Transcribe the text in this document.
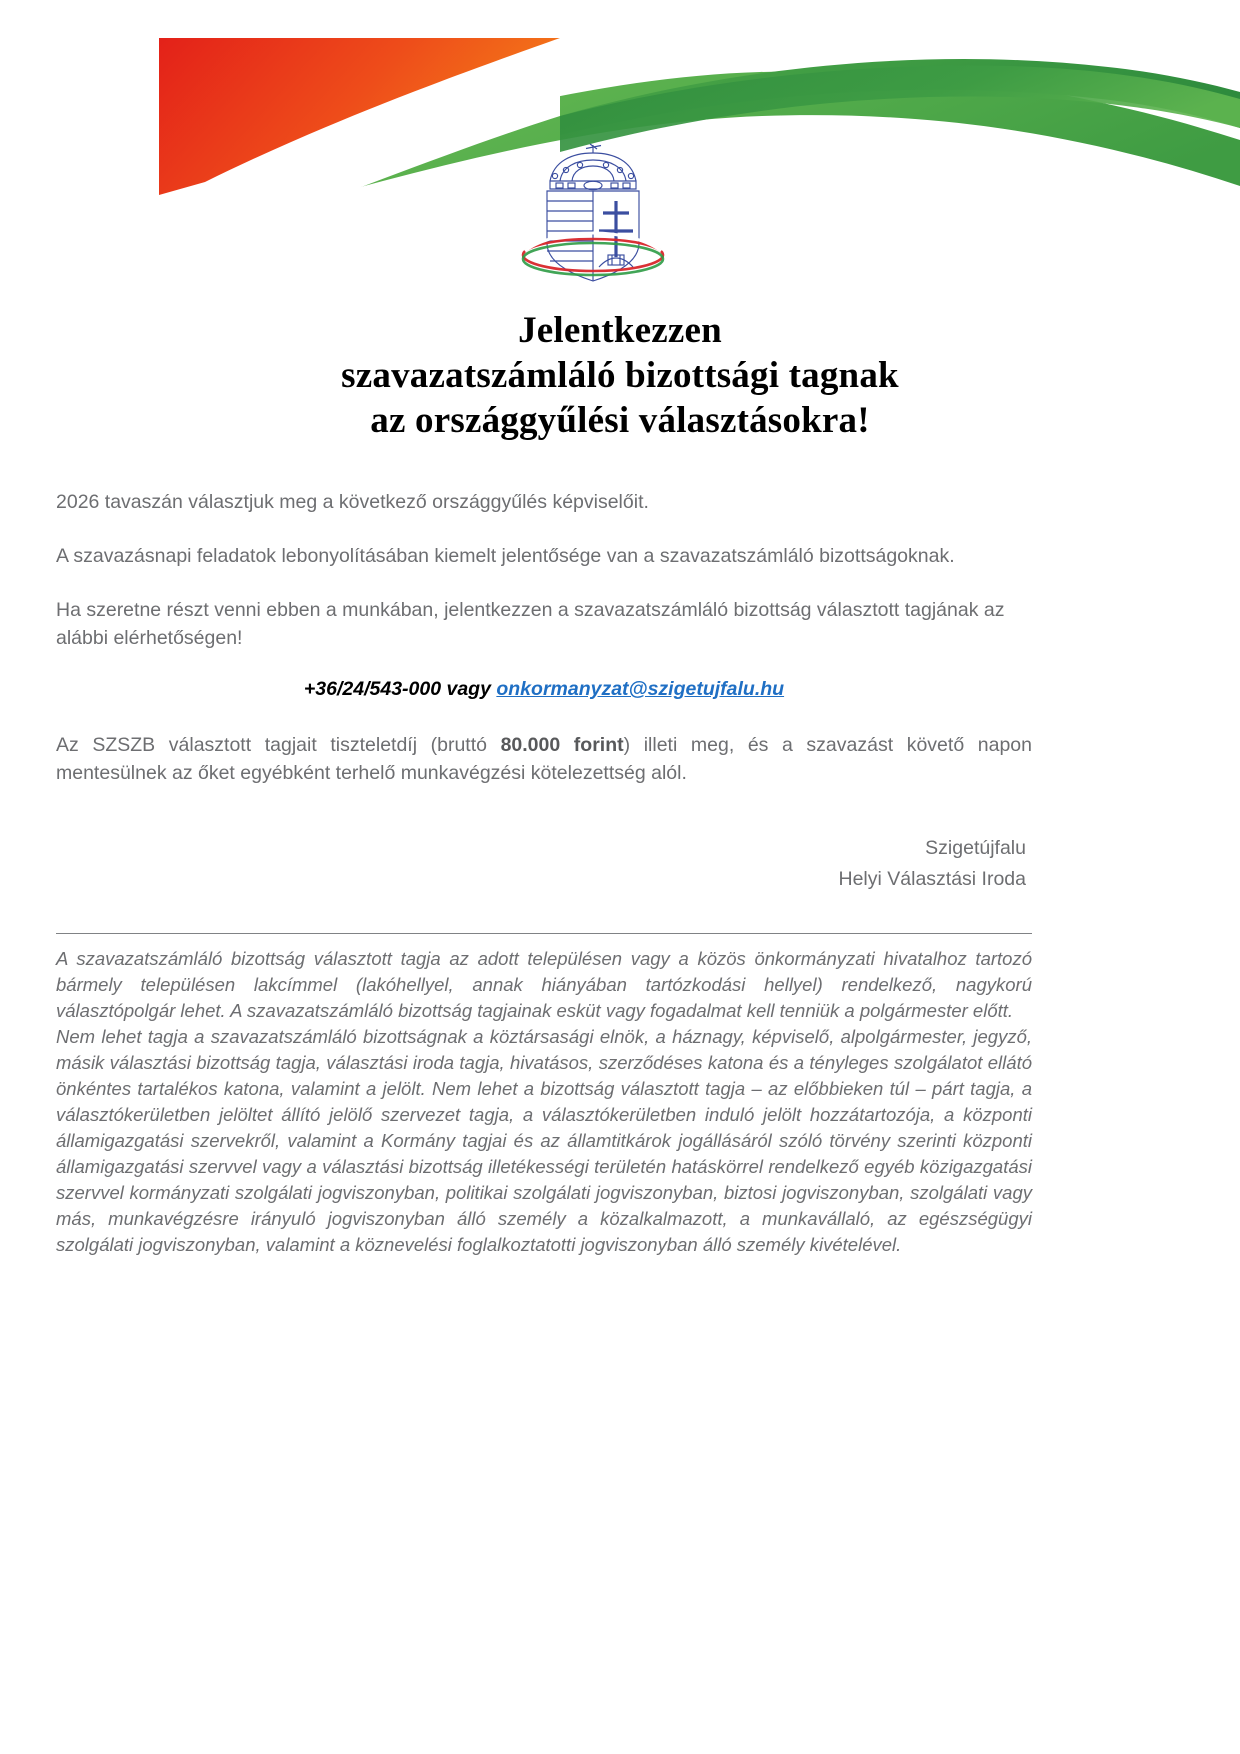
Jelentkezzen
szavazatszámláló bizottsági tagnak
az országgyűlési választásokra!

2026 tavaszán választjuk meg a következő országgyűlés képviselőit.

A szavazásnapi feladatok lebonyolításában kiemelt jelentősége van a szavazatszámláló bizottságoknak.

Ha szeretne részt venni ebben a munkában, jelentkezzen a szavazatszámláló bizottság választott tagjának az alábbi elérhetőségen!

+36/24/543-000 vagy onkormanyzat@szigetujfalu.hu

Az SZSZB választott tagjait tiszteletdíj (bruttó 80.000 forint) illeti meg, és a szavazást követő napon mentesülnek az őket egyébként terhelő munkavégzési kötelezettség alól.

Szigetújfalu
Helyi Választási Iroda

A szavazatszámláló bizottság választott tagja az adott településen vagy a közös önkormányzati hivatalhoz tartozó bármely településen lakcímmel (lakóhellyel, annak hiányában tartózkodási hellyel) rendelkező, nagykorú választópolgár lehet. A szavazatszámláló bizottság tagjainak esküt vagy fogadalmat kell tenniük a polgármester előtt.

Nem lehet tagja a szavazatszámláló bizottságnak a köztársasági elnök, a háznagy, képviselő, alpolgármester, jegyző, másik választási bizottság tagja, választási iroda tagja, hivatásos, szerződéses katona és a tényleges szolgálatot ellátó önkéntes tartalékos katona, valamint a jelölt. Nem lehet a bizottság választott tagja – az előbbieken túl – párt tagja, a választókerületben jelöltet állító jelölő szervezet tagja, a választókerületben induló jelölt hozzátartozója, a központi államigazgatási szervekről, valamint a Kormány tagjai és az államtitkárok jogállásáról szóló törvény szerinti központi államigazgatási szervvel vagy a választási bizottság illetékességi területén hatáskörrel rendelkező egyéb közigazgatási szervvel kormányzati szolgálati jogviszonyban, politikai szolgálati jogviszonyban, biztosi jogviszonyban, szolgálati vagy más, munkavégzésre irányuló jogviszonyban álló személy a közalkalmazott, a munkavállaló, az egészségügyi szolgálati jogviszonyban, valamint a köznevelési foglalkoztatotti jogviszonyban álló személy kivételével.
